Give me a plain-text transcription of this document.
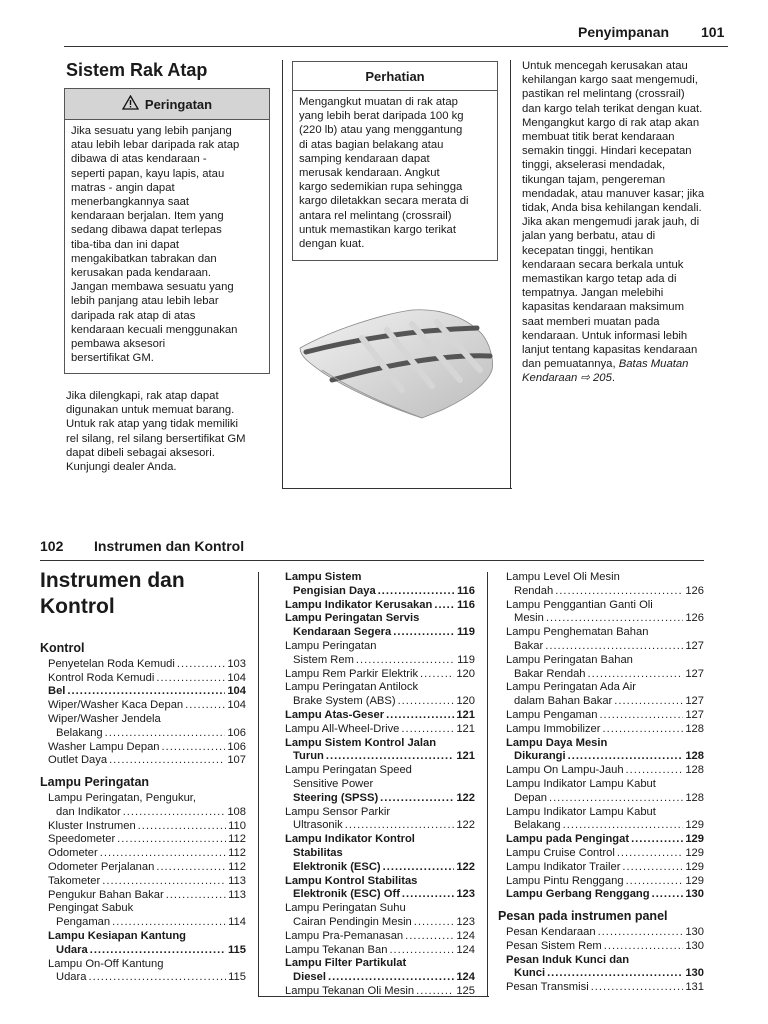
Penyimpanan 101
Sistem Rak Atap
Peringatan
Jika sesuatu yang lebih panjang
atau lebih lebar daripada rak atap
dibawa di atas kendaraan -
seperti papan, kayu lapis, atau
matras - angin dapat
menerbangkannya saat
kendaraan berjalan. Item yang
sedang dibawa dapat terlepas
tiba-tiba dan ini dapat
mengakibatkan tabrakan dan
kerusakan pada kendaraan.
Jangan membawa sesuatu yang
lebih panjang atau lebih lebar
daripada rak atap di atas
kendaraan kecuali menggunakan
pembawa aksesori
bersertifikat GM.
Jika dilengkapi, rak atap dapat
digunakan untuk memuat barang.
Untuk rak atap yang tidak memiliki
rel silang, rel silang bersertifikat GM
dapat dibeli sebagai aksesori.
Kunjungi dealer Anda.
Perhatian
Mengangkut muatan di rak atap
yang lebih berat daripada 100 kg
(220 lb) atau yang menggantung
di atas bagian belakang atau
samping kendaraan dapat
merusak kendaraan. Angkut
kargo sedemikian rupa sehingga
kargo diletakkan secara merata di
antara rel melintang (crossrail)
untuk memastikan kargo terikat
dengan kuat.
Untuk mencegah kerusakan atau
kehilangan kargo saat mengemudi,
pastikan rel melintang (crossrail)
dan kargo telah terikat dengan kuat.
Mengangkut kargo di rak atap akan
membuat titik berat kendaraan
semakin tinggi. Hindari kecepatan
tinggi, akselerasi mendadak,
tikungan tajam, pengereman
mendadak, atau manuver kasar; jika
tidak, Anda bisa kehilangan kendali.
Jika akan mengemudi jarak jauh, di
jalan yang berbatu, atau di
kecepatan tinggi, hentikan
kendaraan secara berkala untuk
memastikan kargo tetap ada di
tempatnya. Jangan melebihi
kapasitas kendaraan maksimum
saat memberi muatan pada
kendaraan. Untuk informasi lebih
lanjut tentang kapasitas kendaraan
dan pemuatannya, Batas Muatan
Kendaraan ⇨ 205.
102 Instrumen dan Kontrol
Instrumen dan
Kontrol
Kontrol
Penyetelan Roda Kemudi .....	103
Kontrol Roda Kemudi .....	104
Bel .....	104
Wiper/Washer Kaca Depan .....	104
Wiper/Washer Jendela
Belakang .....	106
Washer Lampu Depan .....	106
Outlet Daya .....	107
Lampu Peringatan
Lampu Peringatan, Pengukur,
dan Indikator .....	108
Kluster Instrumen .....	110
Speedometer .....	112
Odometer .....	112
Odometer Perjalanan .....	112
Takometer .....	113
Pengukur Bahan Bakar .....	113
Pengingat Sabuk
Pengaman .....	114
Lampu Kesiapan Kantung
Udara .....	115
Lampu On-Off Kantung
Udara .....	115
Lampu Sistem
Pengisian Daya .....	116
Lampu Indikator Kerusakan ..... 116
Lampu Peringatan Servis
Kendaraan Segera .....	119
Lampu Peringatan
Sistem Rem .....	119
Lampu Rem Parkir Elektrik .....	120
Lampu Peringatan Antilock
Brake System (ABS) .....	120
Lampu Atas-Geser .....	121
Lampu All-Wheel-Drive .....	121
Lampu Sistem Kontrol Jalan
Turun .....	121
Lampu Peringatan Speed
Sensitive Power
Steering (SPSS) .....	122
Lampu Sensor Parkir
Ultrasonik .....	122
Lampu Indikator Kontrol
Stabilitas
Elektronik (ESC) .....	122
Lampu Kontrol Stabilitas
Elektronik (ESC) Off .....	123
Lampu Peringatan Suhu
Cairan Pendingin Mesin .....	123
Lampu Pra-Pemanasan .....	124
Lampu Tekanan Ban .....	124
Lampu Filter Partikulat
Diesel .....	124
Lampu Tekanan Oli Mesin .....	125
Lampu Level Oli Mesin
Rendah .....	126
Lampu Penggantian Ganti Oli
Mesin .....	126
Lampu Penghematan Bahan
Bakar .....	127
Lampu Peringatan Bahan
Bakar Rendah .....	127
Lampu Peringatan Ada Air
dalam Bahan Bakar .....	127
Lampu Pengaman .....	127
Lampu Immobilizer .....	128
Lampu Daya Mesin
Dikurangi .....	128
Lampu On Lampu-Jauh .....	128
Lampu Indikator Lampu Kabut
Depan .....	128
Lampu Indikator Lampu Kabut
Belakang .....	129
Lampu pada Pengingat .....	129
Lampu Cruise Control .....	129
Lampu Indikator Trailer .....	129
Lampu Pintu Renggang .....	129
Lampu Gerbang Renggang .....	130
Pesan pada instrumen panel
Pesan Kendaraan .....	130
Pesan Sistem Rem .....	130
Pesan Induk Kunci dan
Kunci .....	130
Pesan Transmisi .....	131
